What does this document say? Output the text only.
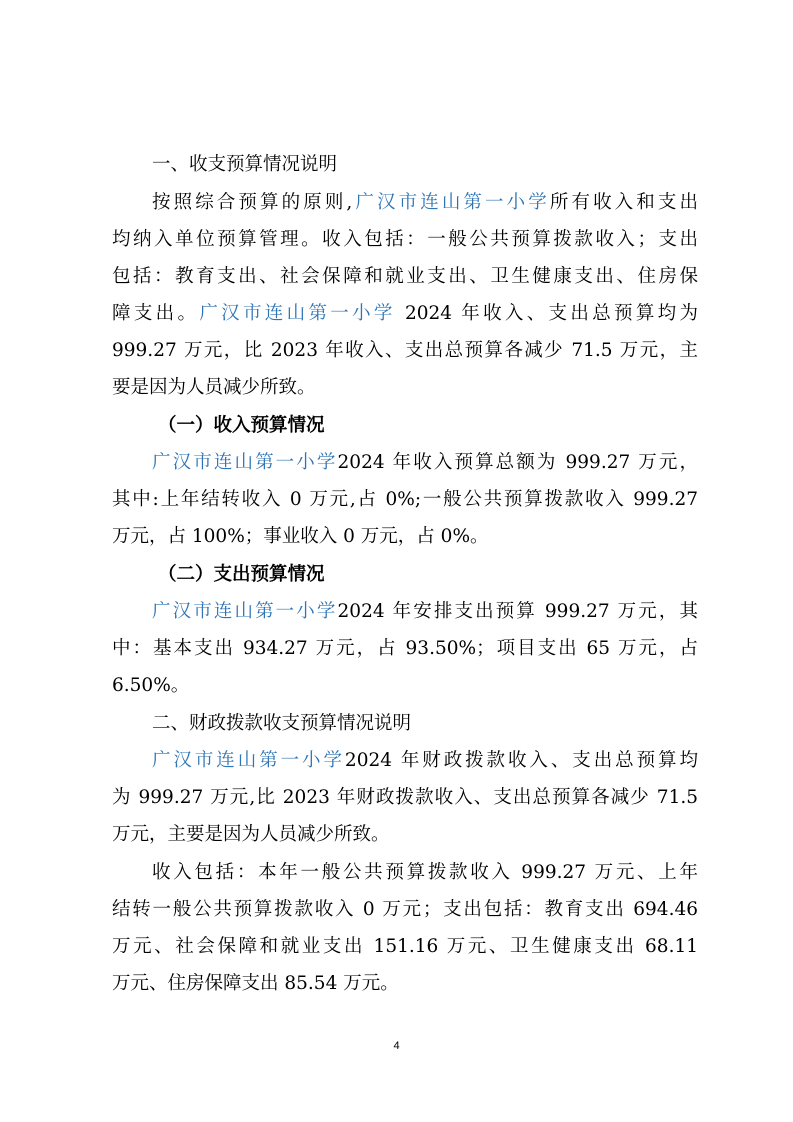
一、收支预算情况说明
按照综合预算的原则,广汉市连山第一小学所有收入和支出
均纳入单位预算管理。收入包括：一般公共预算拨款收入；支出
包括：教育支出、社会保障和就业支出、卫生健康支出、住房保
障支出。广汉市连山第一小学 2024 年收入、支出总预算均为
999.27 万元，比 2023 年收入、支出总预算各减少 71.5 万元，主
要是因为人员减少所致。
（一）收入预算情况
广汉市连山第一小学2024 年收入预算总额为 999.27 万元，
其中:上年结转收入 0 万元,占 0%;一般公共预算拨款收入 999.27
万元，占 100%；事业收入 0 万元，占 0%。
（二）支出预算情况
广汉市连山第一小学2024 年安排支出预算 999.27 万元，其
中：基本支出 934.27 万元，占 93.50%；项目支出 65 万元，占
6.50%。
二、财政拨款收支预算情况说明
广汉市连山第一小学2024 年财政拨款收入、支出总预算均
为 999.27 万元,比 2023 年财政拨款收入、支出总预算各减少 71.5
万元，主要是因为人员减少所致。
收入包括：本年一般公共预算拨款收入 999.27 万元、上年
结转一般公共预算拨款收入 0 万元；支出包括：教育支出 694.46
万元、社会保障和就业支出 151.16 万元、卫生健康支出 68.11
万元、住房保障支出 85.54 万元。
4
